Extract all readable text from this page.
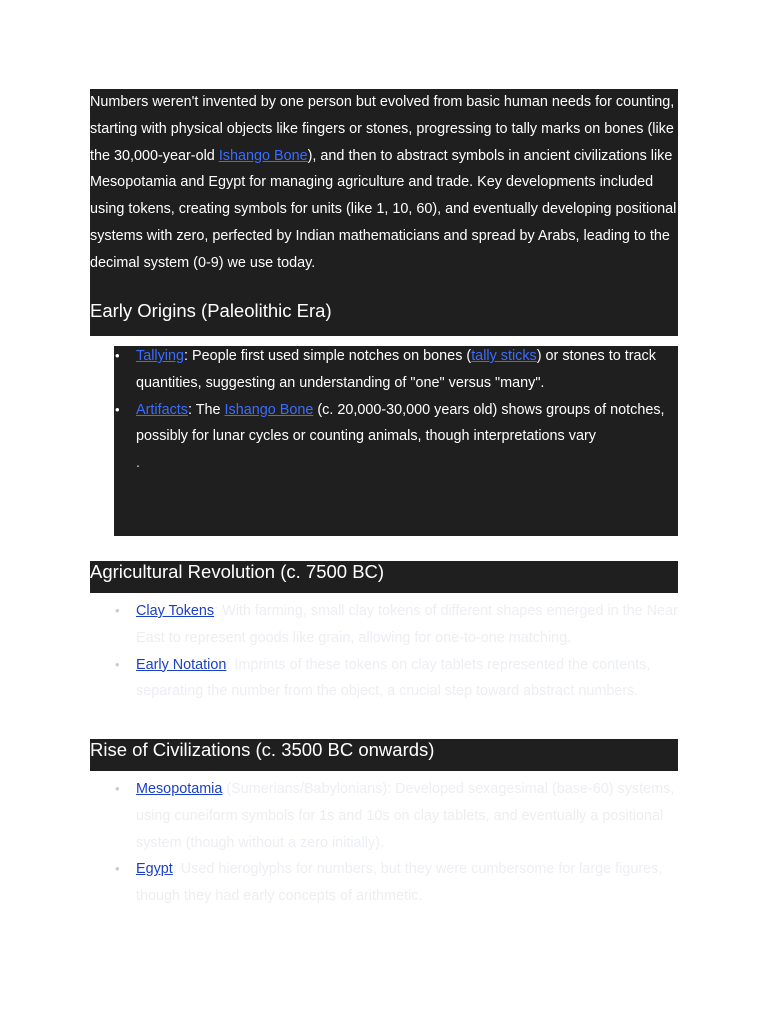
Numbers weren't invented by one person but evolved from basic human needs for counting, starting with physical objects like fingers or stones, progressing to tally marks on bones (like the 30,000-year-old Ishango Bone), and then to abstract symbols in ancient civilizations like Mesopotamia and Egypt for managing agriculture and trade. Key developments included using tokens, creating symbols for units (like 1, 10, 60), and eventually developing positional systems with zero, perfected by Indian mathematicians and spread by Arabs, leading to the decimal system (0-9) we use today.

Early Origins (Paleolithic Era)
• Tallying: People first used simple notches on bones (tally sticks) or stones to track quantities, suggesting an understanding of "one" versus "many".
• Artifacts: The Ishango Bone (c. 20,000-30,000 years old) shows groups of notches, possibly for lunar cycles or counting animals, though interpretations vary
.
Agricultural Revolution (c. 7500 BC)
• Clay Tokens: With farming, small clay tokens of different shapes emerged in the Near East to represent goods like grain, allowing for one-to-one matching.
• Early Notation: Imprints of these tokens on clay tablets represented the contents, separating the number from the object, a crucial step toward abstract numbers.
Rise of Civilizations (c. 3500 BC onwards)
• Mesopotamia (Sumerians/Babylonians): Developed sexagesimal (base-60) systems, using cuneiform symbols for 1s and 10s on clay tablets, and eventually a positional system (though without a zero initially).
• Egypt: Used hieroglyphs for numbers, but they were cumbersome for large figures, though they had early concepts of arithmetic.
